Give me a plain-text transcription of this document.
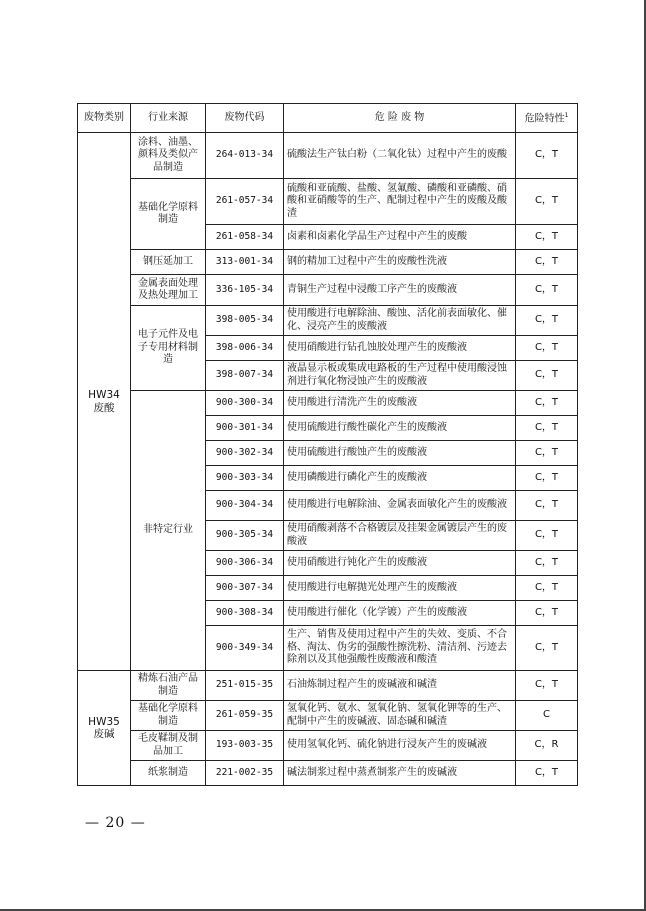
废物类别	行业来源	废物代码	危 险 废 物	危险特性$^1$

HW34
废酸	涂料、油墨、颜料及类似产品制造	264-013-34	硫酸法生产钛白粉（二氧化钛）过程中产生的废酸	C，T
	基础化学原料制造	261-057-34	硫酸和亚硫酸、盐酸、氢氟酸、磷酸和亚磷酸、硝酸和亚硝酸等的生产、配制过程中产生的废酸及酸渣	C，T
		261-058-34	卤素和卤素化学品生产过程中产生的废酸	C，T
	钢压延加工	313-001-34	钢的精加工过程中产生的废酸性洗液	C，T
	金属表面处理及热处理加工	336-105-34	青铜生产过程中浸酸工序产生的废酸液	C，T
	电子元件及电子专用材料制造	398-005-34	使用酸进行电解除油、酸蚀、活化前表面敏化、催化、浸亮产生的废酸液	C，T
		398-006-34	使用硝酸进行钻孔蚀胶处理产生的废酸液	C，T
		398-007-34	液晶显示板或集成电路板的生产过程中使用酸浸蚀剂进行氧化物浸蚀产生的废酸液	C，T
	非特定行业	900-300-34	使用酸进行清洗产生的废酸液	C，T
		900-301-34	使用硫酸进行酸性碳化产生的废酸液	C，T
		900-302-34	使用硫酸进行酸蚀产生的废酸液	C，T
		900-303-34	使用磷酸进行磷化产生的废酸液	C，T
		900-304-34	使用酸进行电解除油、金属表面敏化产生的废酸液	C，T
		900-305-34	使用硝酸剥落不合格镀层及挂架金属镀层产生的废酸液	C，T
		900-306-34	使用硝酸进行钝化产生的废酸液	C，T
		900-307-34	使用酸进行电解抛光处理产生的废酸液	C，T
		900-308-34	使用酸进行催化（化学镀）产生的废酸液	C，T
		900-349-34	生产、销售及使用过程中产生的失效、变质、不合格、淘汰、伪劣的强酸性擦洗粉、清洁剂、污迹去除剂以及其他强酸性废酸液和酸渣	C，T

HW35
废碱	精炼石油产品制造	251-015-35	石油炼制过程产生的废碱液和碱渣	C，T
	基础化学原料制造	261-059-35	氢氧化钙、氨水、氢氧化钠、氢氧化钾等的生产、配制中产生的废碱液、固态碱和碱渣	C
	毛皮鞣制及制品加工	193-003-35	使用氢氧化钙、硫化钠进行浸灰产生的废碱液	C，R
	纸浆制造	221-002-35	碱法制浆过程中蒸煮制浆产生的废碱液	C，T
— 20 —
